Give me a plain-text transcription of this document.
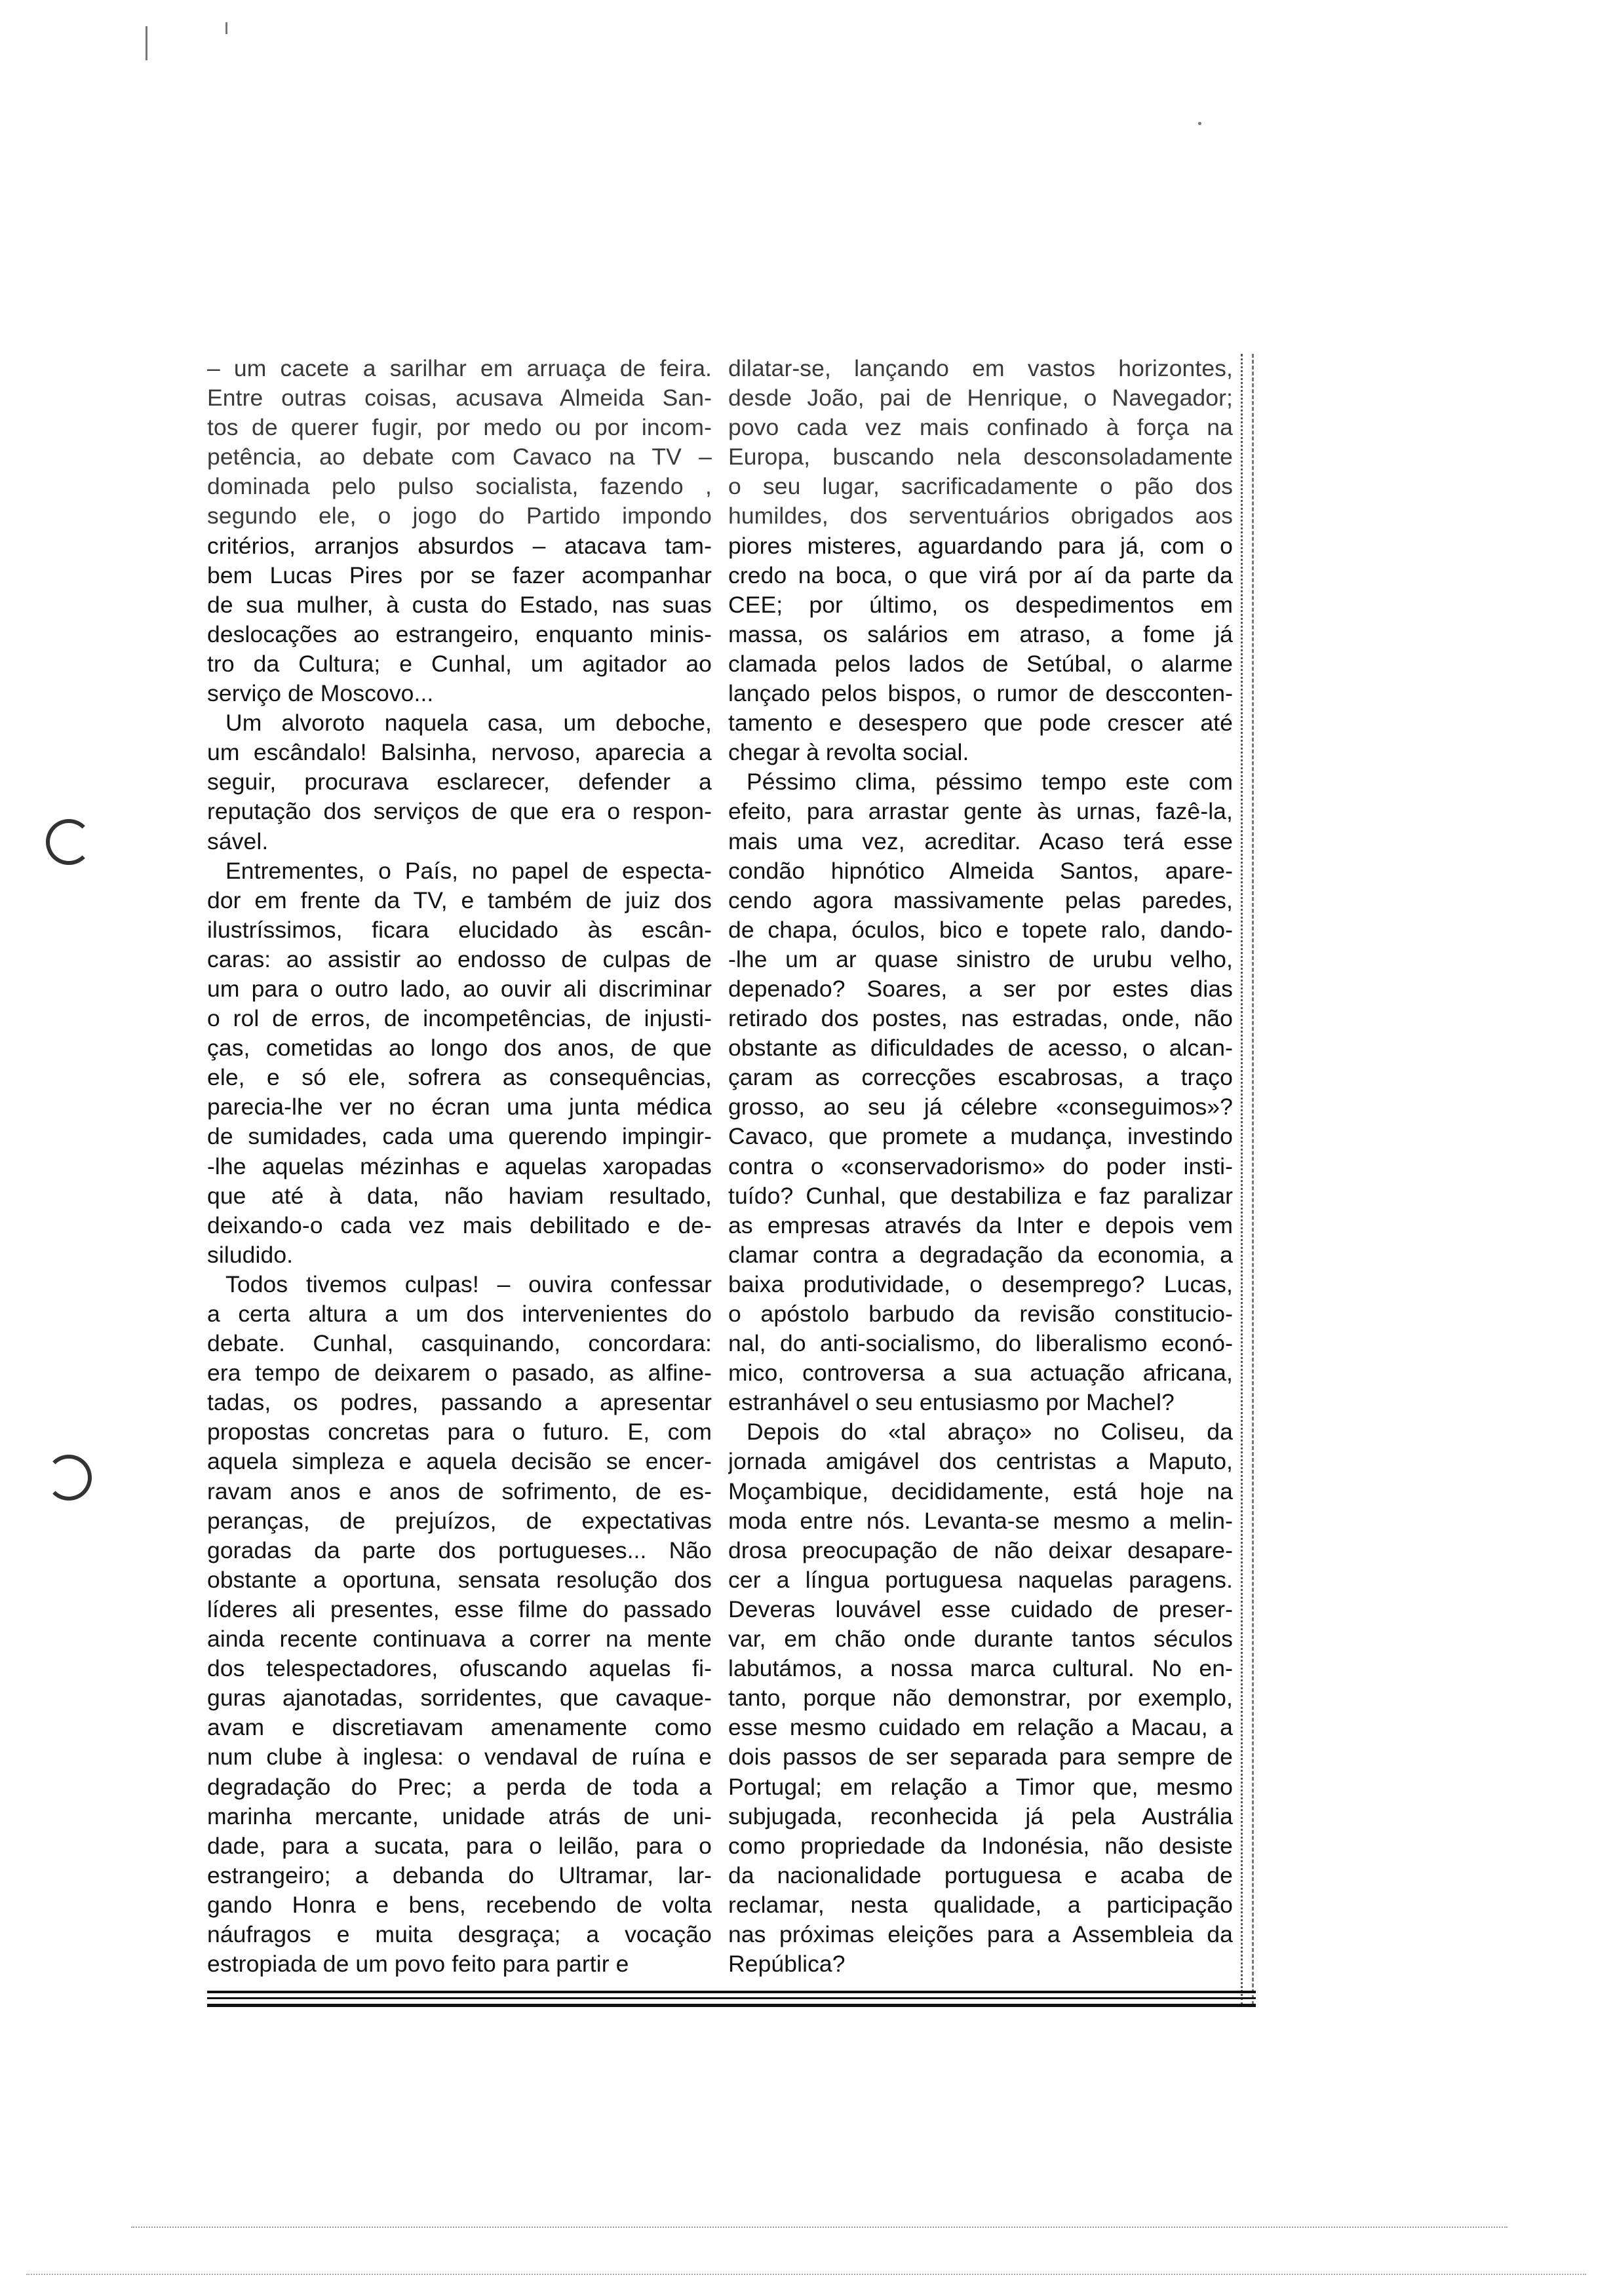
– um cacete a sarilhar em arruaça de feira.
Entre outras coisas, acusava Almeida San-
tos de querer fugir, por medo ou por incom-
petência, ao debate com Cavaco na TV –
dominada pelo pulso socialista, fazendo ,
segundo ele, o jogo do Partido impondo
critérios, arranjos absurdos – atacava tam-
bem Lucas Pires por se fazer acompanhar
de sua mulher, à custa do Estado, nas suas
deslocações ao estrangeiro, enquanto minis-
tro da Cultura; e Cunhal, um agitador ao
serviço de Moscovo...
Um alvoroto naquela casa, um deboche,
um escândalo! Balsinha, nervoso, aparecia a
seguir, procurava esclarecer, defender a
reputação dos serviços de que era o respon-
sável.
Entrementes, o País, no papel de especta-
dor em frente da TV, e também de juiz dos
ilustríssimos, ficara elucidado às escân-
caras: ao assistir ao endosso de culpas de
um para o outro lado, ao ouvir ali discriminar
o rol de erros, de incompetências, de injusti-
ças, cometidas ao longo dos anos, de que
ele, e só ele, sofrera as consequências,
parecia-lhe ver no écran uma junta médica
de sumidades, cada uma querendo impingir-
-lhe aquelas mézinhas e aquelas xaropadas
que até à data, não haviam resultado,
deixando-o cada vez mais debilitado e de-
siludido.
Todos tivemos culpas! – ouvira confessar
a certa altura a um dos intervenientes do
debate. Cunhal, casquinando, concordara:
era tempo de deixarem o pasado, as alfine-
tadas, os podres, passando a apresentar
propostas concretas para o futuro. E, com
aquela simpleza e aquela decisão se encer-
ravam anos e anos de sofrimento, de es-
peranças, de prejuízos, de expectativas
goradas da parte dos portugueses... Não
obstante a oportuna, sensata resolução dos
líderes ali presentes, esse filme do passado
ainda recente continuava a correr na mente
dos telespectadores, ofuscando aquelas fi-
guras ajanotadas, sorridentes, que cavaque-
avam e discretiavam amenamente como
num clube à inglesa: o vendaval de ruína e
degradação do Prec; a perda de toda a
marinha mercante, unidade atrás de uni-
dade, para a sucata, para o leilão, para o
estrangeiro; a debanda do Ultramar, lar-
gando Honra e bens, recebendo de volta
náufragos e muita desgraça; a vocação
estropiada de um povo feito para partir e
dilatar-se, lançando em vastos horizontes,
desde João, pai de Henrique, o Navegador;
povo cada vez mais confinado à força na
Europa, buscando nela desconsoladamente
o seu lugar, sacrificadamente o pão dos
humildes, dos serventuários obrigados aos
piores misteres, aguardando para já, com o
credo na boca, o que virá por aí da parte da
CEE; por último, os despedimentos em
massa, os salários em atraso, a fome já
clamada pelos lados de Setúbal, o alarme
lançado pelos bispos, o rumor de descconten-
tamento e desespero que pode crescer até
chegar à revolta social.
Péssimo clima, péssimo tempo este com
efeito, para arrastar gente às urnas, fazê-la,
mais uma vez, acreditar. Acaso terá esse
condão hipnótico Almeida Santos, apare-
cendo agora massivamente pelas paredes,
de chapa, óculos, bico e topete ralo, dando-
-lhe um ar quase sinistro de urubu velho,
depenado? Soares, a ser por estes dias
retirado dos postes, nas estradas, onde, não
obstante as dificuldades de acesso, o alcan-
çaram as correcções escabrosas, a traço
grosso, ao seu já célebre «conseguimos»?
Cavaco, que promete a mudança, investindo
contra o «conservadorismo» do poder insti-
tuído? Cunhal, que destabiliza e faz paralizar
as empresas através da Inter e depois vem
clamar contra a degradação da economia, a
baixa produtividade, o desemprego? Lucas,
o apóstolo barbudo da revisão constitucio-
nal, do anti-socialismo, do liberalismo econó-
mico, controversa a sua actuação africana,
estranhável o seu entusiasmo por Machel?
Depois do «tal abraço» no Coliseu, da
jornada amigável dos centristas a Maputo,
Moçambique, decididamente, está hoje na
moda entre nós. Levanta-se mesmo a melin-
drosa preocupação de não deixar desapare-
cer a língua portuguesa naquelas paragens.
Deveras louvável esse cuidado de preser-
var, em chão onde durante tantos séculos
labutámos, a nossa marca cultural. No en-
tanto, porque não demonstrar, por exemplo,
esse mesmo cuidado em relação a Macau, a
dois passos de ser separada para sempre de
Portugal; em relação a Timor que, mesmo
subjugada, reconhecida já pela Austrália
como propriedade da Indonésia, não desiste
da nacionalidade portuguesa e acaba de
reclamar, nesta qualidade, a participação
nas próximas eleições para a Assembleia da
República?
